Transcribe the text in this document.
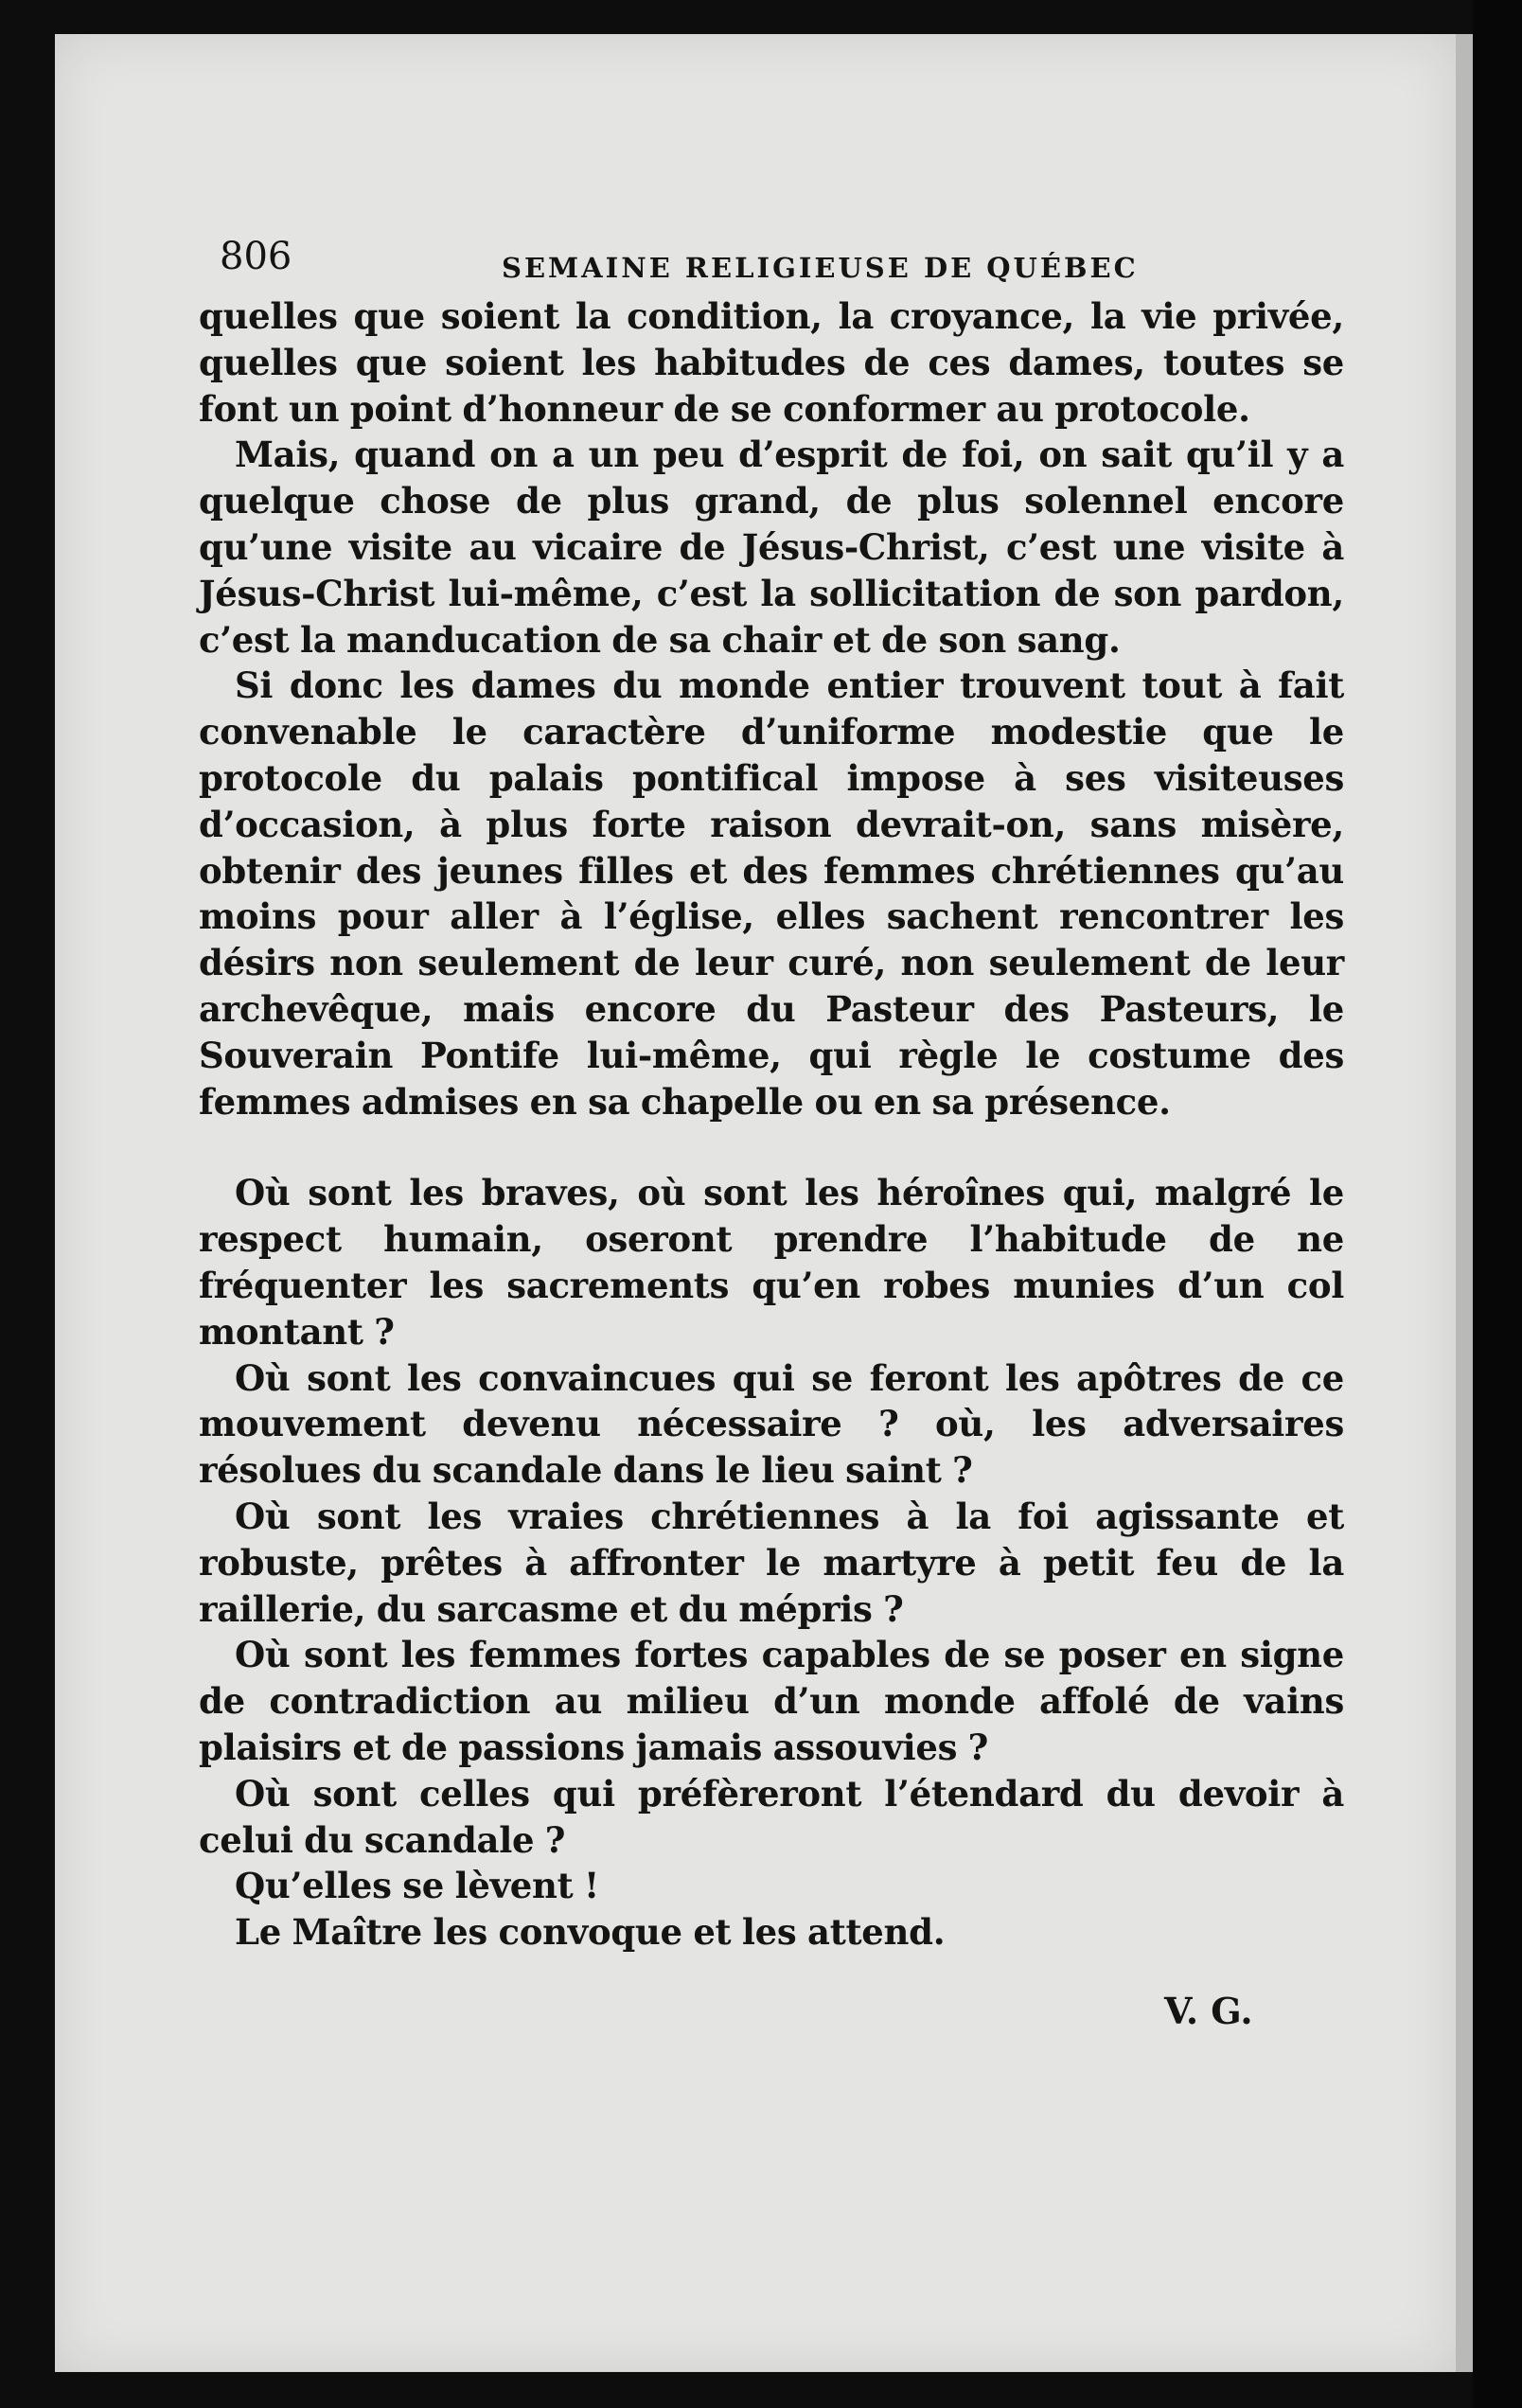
806	SEMAINE RELIGIEUSE DE QUÉBEC

quelles que soient la condition, la croyance, la vie privée, quelles que soient les habitudes de ces dames, toutes se font un point d’honneur de se conformer au protocole.

Mais, quand on a un peu d’esprit de foi, on sait qu’il y a quelque chose de plus grand, de plus solennel encore qu’une visite au vicaire de Jésus-Christ, c’est une visite à Jésus-Christ lui-même, c’est la sollicitation de son pardon, c’est la manducation de sa chair et de son sang.

Si donc les dames du monde entier trouvent tout à fait convenable le caractère d’uniforme modestie que le protocole du palais pontifical impose à ses visiteuses d’occasion, à plus forte raison devrait-on, sans misère, obtenir des jeunes filles et des femmes chrétiennes qu’au moins pour aller à l’église, elles sachent rencontrer les désirs non seulement de leur curé, non seulement de leur archevêque, mais encore du Pasteur des Pasteurs, le Souverain Pontife lui-même, qui règle le costume des femmes admises en sa chapelle ou en sa présence.

Où sont les braves, où sont les héroînes qui, malgré le respect humain, oseront prendre l’habitude de ne fréquenter les sacrements qu’en robes munies d’un col montant ?

Où sont les convaincues qui se feront les apôtres de ce mouvement devenu nécessaire ? où, les adversaires résolues du scandale dans le lieu saint ?

Où sont les vraies chrétiennes à la foi agissante et robuste, prêtes à affronter le martyre à petit feu de la raillerie, du sarcasme et du mépris ?

Où sont les femmes fortes capables de se poser en signe de contradiction au milieu d’un monde affolé de vains plaisirs et de passions jamais assouvies ?

Où sont celles qui préfèreront l’étendard du devoir à celui du scandale ?

Qu’elles se lèvent !

Le Maître les convoque et les attend.

V. G.
